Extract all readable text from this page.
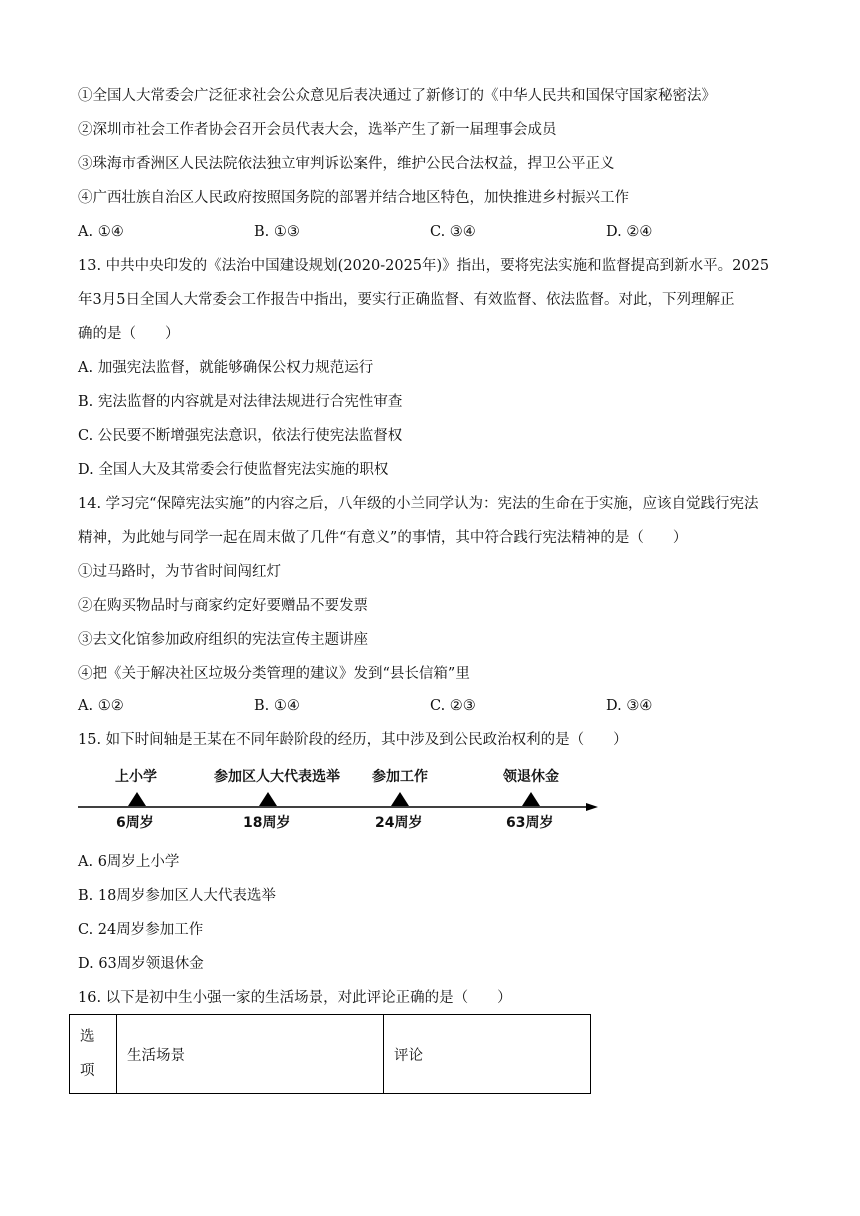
①全国人大常委会广泛征求社会公众意见后表决通过了新修订的《中华人民共和国保守国家秘密法》
②深圳市社会工作者协会召开会员代表大会，选举产生了新一届理事会成员
③珠海市香洲区人民法院依法独立审判诉讼案件，维护公民合法权益，捍卫公平正义
④广西壮族自治区人民政府按照国务院的部署并结合地区特色，加快推进乡村振兴工作
A. ①④	B. ①③	C. ③④	D. ②④
13. 中共中央印发的《法治中国建设规划(2020-2025年)》指出，要将宪法实施和监督提高到新水平。2025
年3月5日全国人大常委会工作报告中指出，要实行正确监督、有效监督、依法监督。对此，下列理解正
确的是（　　）
A. 加强宪法监督，就能够确保公权力规范运行
B. 宪法监督的内容就是对法律法规进行合宪性审查
C. 公民要不断增强宪法意识，依法行使宪法监督权
D. 全国人大及其常委会行使监督宪法实施的职权
14. 学习完“保障宪法实施”的内容之后，八年级的小兰同学认为：宪法的生命在于实施，应该自觉践行宪法
精神，为此她与同学一起在周末做了几件“有意义”的事情，其中符合践行宪法精神的是（　　）
①过马路时，为节省时间闯红灯
②在购买物品时与商家约定好要赠品不要发票
③去文化馆参加政府组织的宪法宣传主题讲座
④把《关于解决社区垃圾分类管理的建议》发到“县长信箱”里
A. ①②	B. ①④	C. ②③	D. ③④
15. 如下时间轴是王某在不同年龄阶段的经历，其中涉及到公民政治权利的是（　　）
上小学	参加区人大代表选举 参加工作	领退休金
6周岁	18周岁	24周岁	63周岁
A. 6周岁上小学
B. 18周岁参加区人大代表选举
C. 24周岁参加工作
D. 63周岁领退休金
16. 以下是初中生小强一家的生活场景，对此评论正确的是（　　）
选项	生活场景	评论
